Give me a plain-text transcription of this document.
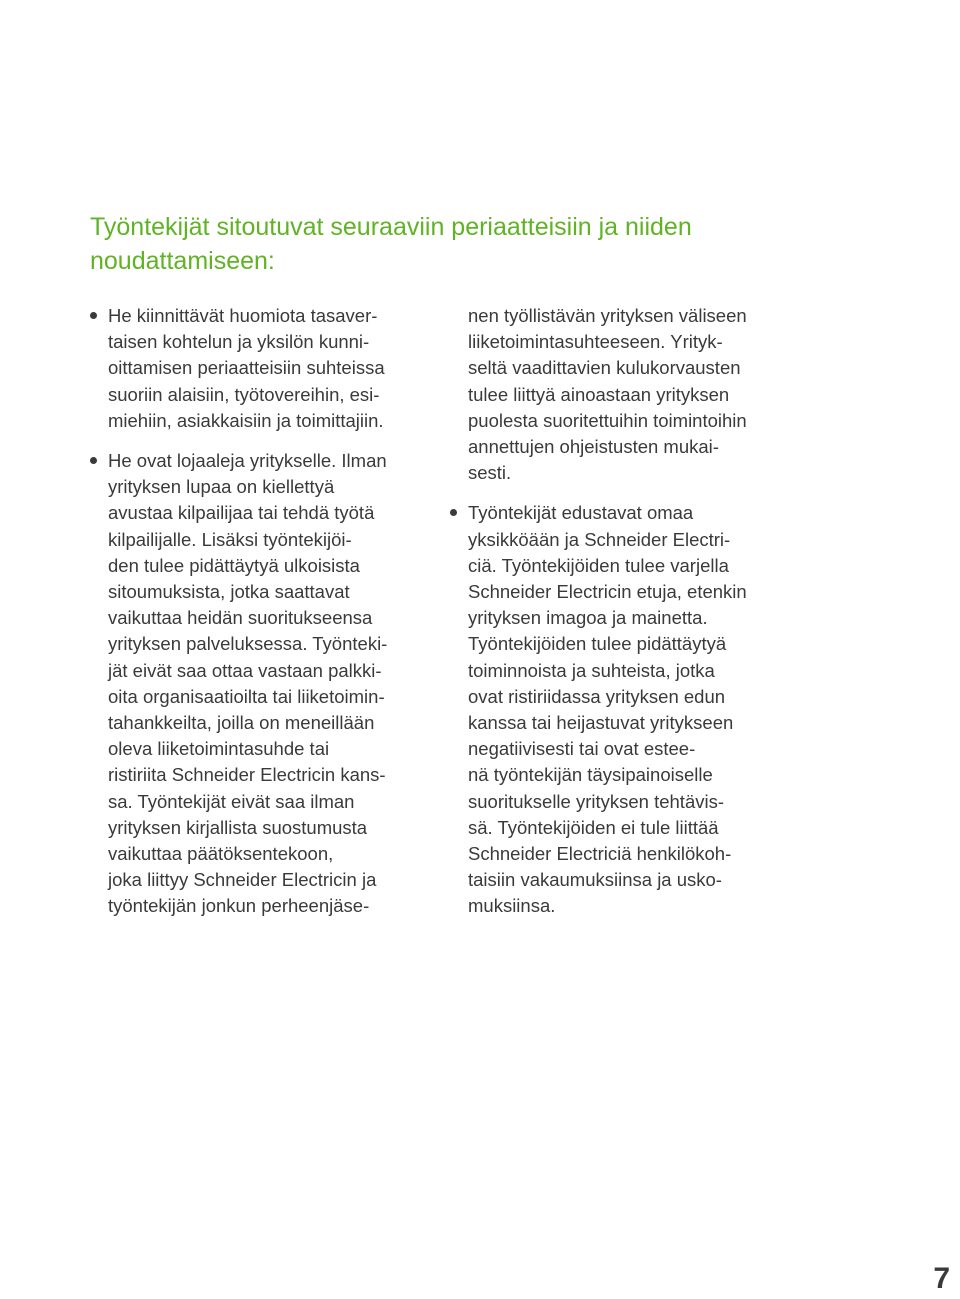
Työntekijät sitoutuvat seuraaviin periaatteisiin ja niiden
noudattamiseen:
He kiinnittävät huomiota tasaver-
taisen kohtelun ja yksilön kunni-
oittamisen periaatteisiin suhteissa
suoriin alaisiin, työtovereihin, esi-
miehiin, asiakkaisiin ja toimittajiin.
He ovat lojaaleja yritykselle. Ilman
yrityksen lupaa on kiellettyä
avustaa kilpailijaa tai tehdä työtä
kilpailijalle. Lisäksi työntekijöi-
den tulee pidättäytyä ulkoisista
sitoumuksista, jotka saattavat
vaikuttaa heidän suoritukseensa
yrityksen palveluksessa. Työnteki-
jät eivät saa ottaa vastaan palkki-
oita organisaatioilta tai liiketoimin-
tahankkeilta, joilla on meneillään
oleva liiketoimintasuhde tai
ristiriita Schneider Electricin kans-
sa. Työntekijät eivät saa ilman
yrityksen kirjallista suostumusta
vaikuttaa päätöksentekoon,
joka liittyy Schneider Electricin ja
työntekijän jonkun perheenjäse-
nen työllistävän yrityksen väliseen
liiketoimintasuhteeseen. Yrityk-
seltä vaadittavien kulukorvausten
tulee liittyä ainoastaan yrityksen
puolesta suoritettuihin toimintoihin
annettujen ohjeistusten mukai-
sesti.
Työntekijät edustavat omaa
yksikköään ja Schneider Electri-
ciä. Työntekijöiden tulee varjella
Schneider Electricin etuja, etenkin
yrityksen imagoa ja mainetta.
Työntekijöiden tulee pidättäytyä
toiminnoista ja suhteista, jotka
ovat ristiriidassa yrityksen edun
kanssa tai heijastuvat yritykseen
negatiivisesti tai ovat estee-
nä työntekijän täysipainoiselle
suoritukselle yrityksen tehtävis-
sä. Työntekijöiden ei tule liittää
Schneider Electriciä henkilökoh-
taisiin vakaumuksiinsa ja usko-
muksiinsa.
7
